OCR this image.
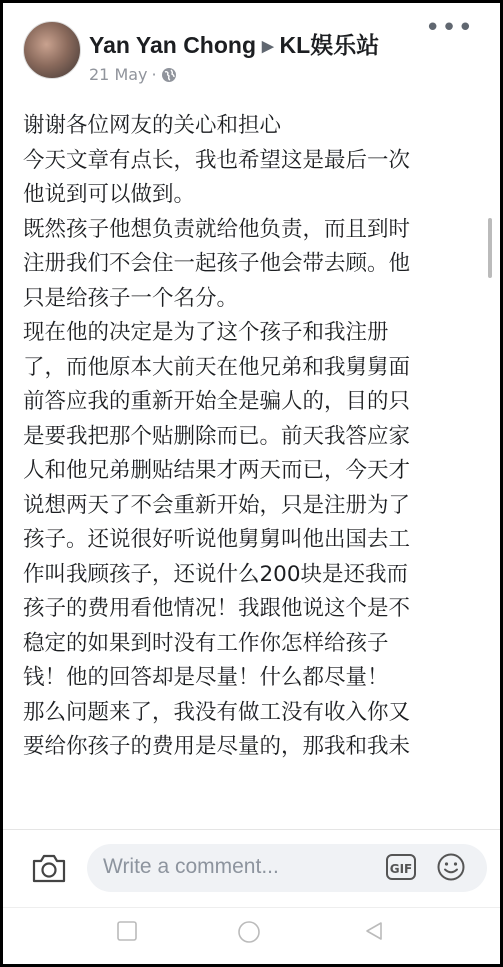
Yan Yan Chong ▶ KL娱乐站
21 May ·
•••

谢谢各位网友的关心和担心

今天文章有点长，我也希望这是最后一次

他说到可以做到。

既然孩子他想负责就给他负责，而且到时

注册我们不会住一起孩子他会带去顾。他

只是给孩子一个名分。

现在他的决定是为了这个孩子和我注册

了，而他原本大前天在他兄弟和我舅舅面

前答应我的重新开始全是骗人的，目的只

是要我把那个贴删除而已。前天我答应家

人和他兄弟删贴结果才两天而已，今天才

说想两天了不会重新开始，只是注册为了

孩子。还说很好听说他舅舅叫他出国去工

作叫我顾孩子，还说什么200块是还我而

孩子的费用看他情况！我跟他说这个是不

稳定的如果到时没有工作你怎样给孩子

钱！他的回答却是尽量！什么都尽量！

那么问题来了，我没有做工没有收入你又

要给你孩子的费用是尽量的，那我和我未

Write a comment...	GIF
